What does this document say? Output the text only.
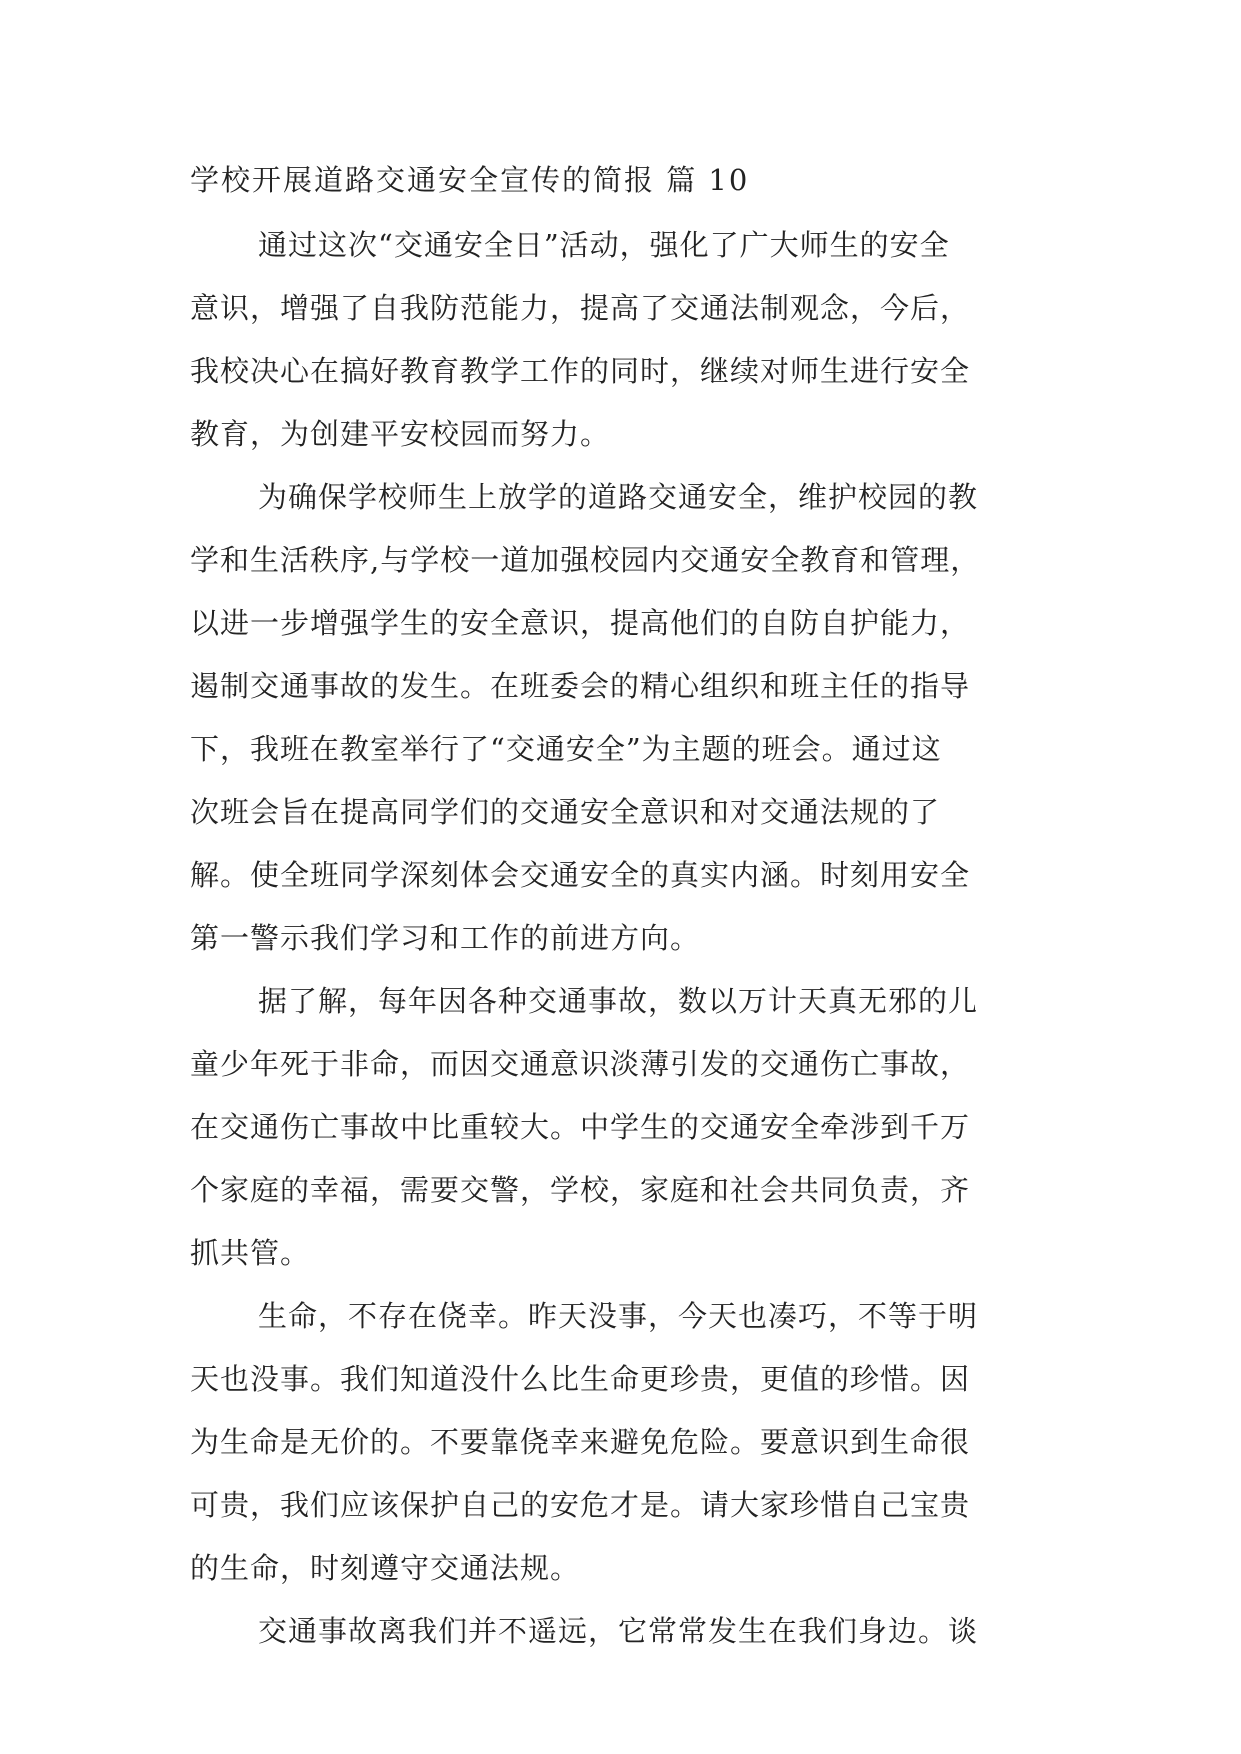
学校开展道路交通安全宣传的简报 篇 10
通过这次“交通安全日”活动，强化了广大师生的安全
意识，增强了自我防范能力，提高了交通法制观念，今后，
我校决心在搞好教育教学工作的同时，继续对师生进行安全
教育，为创建平安校园而努力。
为确保学校师生上放学的道路交通安全，维护校园的教
学和生活秩序,与学校一道加强校园内交通安全教育和管理，
以进一步增强学生的安全意识，提高他们的自防自护能力，
遏制交通事故的发生。在班委会的精心组织和班主任的指导
下，我班在教室举行了“交通安全”为主题的班会。通过这
次班会旨在提高同学们的交通安全意识和对交通法规的了
解。使全班同学深刻体会交通安全的真实内涵。时刻用安全
第一警示我们学习和工作的前进方向。
据了解，每年因各种交通事故，数以万计天真无邪的儿
童少年死于非命，而因交通意识淡薄引发的交通伤亡事故，
在交通伤亡事故中比重较大。中学生的交通安全牵涉到千万
个家庭的幸福，需要交警，学校，家庭和社会共同负责，齐
抓共管。
生命，不存在侥幸。昨天没事，今天也凑巧，不等于明
天也没事。我们知道没什么比生命更珍贵，更值的珍惜。因
为生命是无价的。不要靠侥幸来避免危险。要意识到生命很
可贵，我们应该保护自己的安危才是。请大家珍惜自己宝贵
的生命，时刻遵守交通法规。
交通事故离我们并不遥远，它常常发生在我们身边。谈
